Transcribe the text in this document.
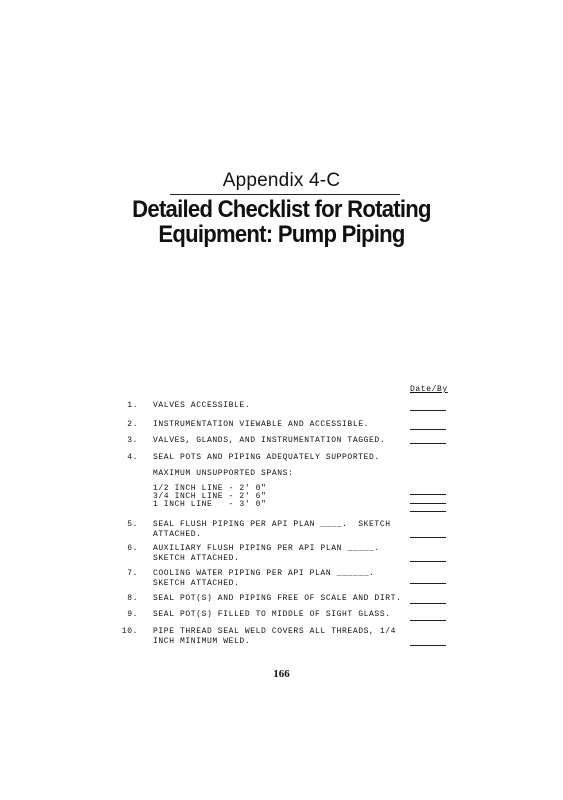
Appendix 4-C
Detailed Checklist for Rotating
Equipment: Pump Piping
Date/By
1. VALVES ACCESSIBLE.
2. INSTRUMENTATION VIEWABLE AND ACCESSIBLE.
3. VALVES, GLANDS, AND INSTRUMENTATION TAGGED.
4. SEAL POTS AND PIPING ADEQUATELY SUPPORTED.
MAXIMUM UNSUPPORTED SPANS:
1/2 INCH LINE - 2' 0"
3/4 INCH LINE - 2' 6"
1 INCH LINE   - 3' 0"
5. SEAL FLUSH PIPING PER API PLAN ____.  SKETCH
ATTACHED.
6. AUXILIARY FLUSH PIPING PER API PLAN _____.
SKETCH ATTACHED.
7. COOLING WATER PIPING PER API PLAN ______.
SKETCH ATTACHED.
8. SEAL POT(S) AND PIPING FREE OF SCALE AND DIRT.
9. SEAL POT(S) FILLED TO MIDDLE OF SIGHT GLASS.
10. PIPE THREAD SEAL WELD COVERS ALL THREADS, 1/4
INCH MINIMUM WELD.
166
